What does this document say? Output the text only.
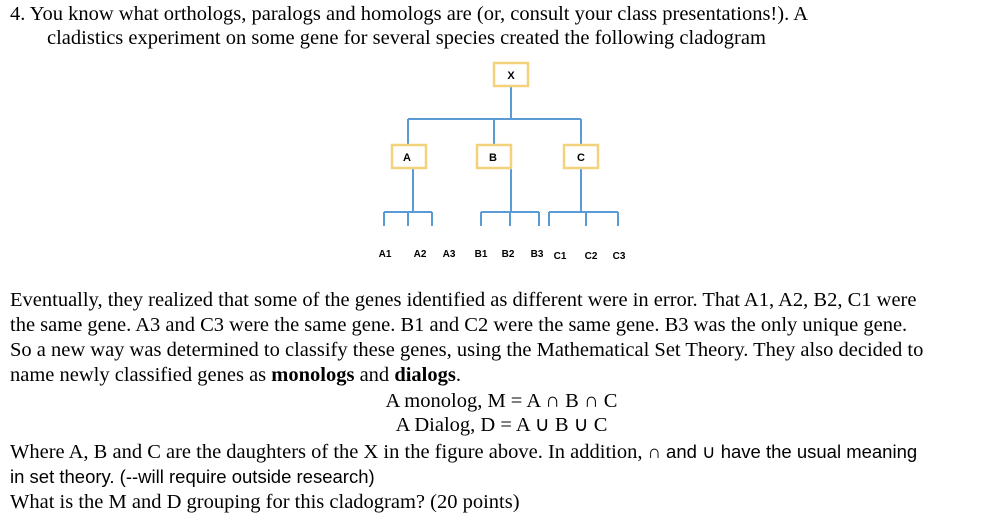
4. You know what orthologs, paralogs and homologs are (or, consult your class presentations!). A
cladistics experiment on some gene for several species created the following cladogram
X
A	B	C
A1 A2 A3 B1 B2 B3 C1 C2 C3
Eventually, they realized that some of the genes identified as different were in error. That A1, A2, B2, C1 were
the same gene. A3 and C3 were the same gene. B1 and C2 were the same gene. B3 was the only unique gene.
So a new way was determined to classify these genes, using the Mathematical Set Theory. They also decided to
name newly classified genes as monologs and dialogs.
A monolog, M = A ∩ B ∩ C
A Dialog, D = A ∪ B ∪ C
Where A, B and C are the daughters of the X in the figure above. In addition, ∩ and ∪ have the usual meaning
in set theory. (--will require outside research)
What is the M and D grouping for this cladogram? (20 points)
